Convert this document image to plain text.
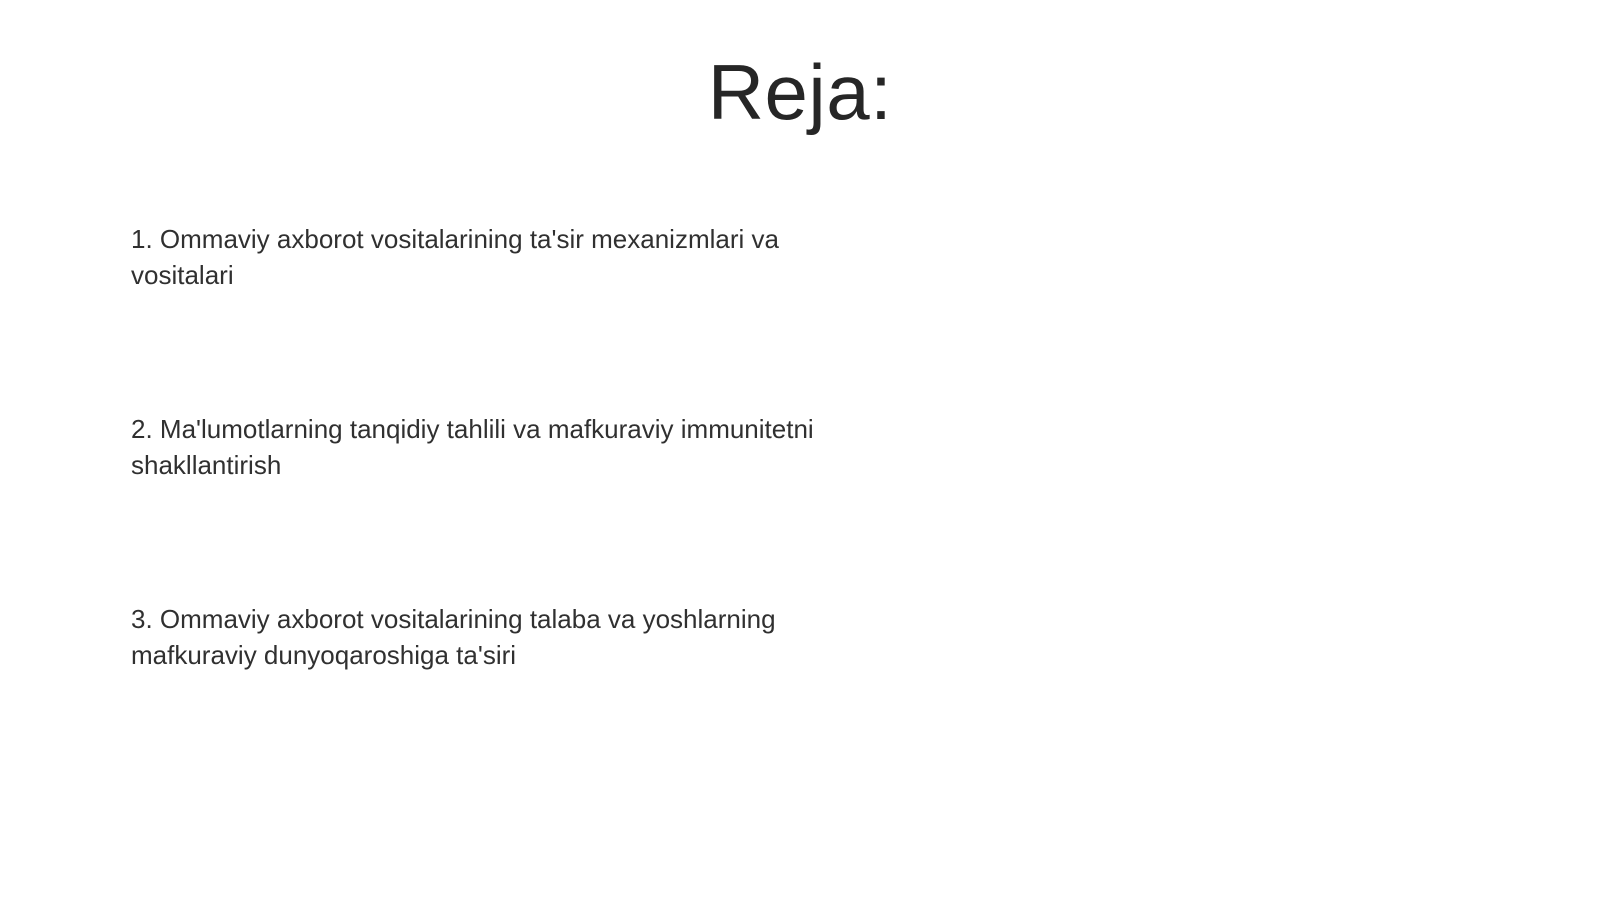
Reja:

1. Ommaviy axborot vositalarining ta'sir mexanizmlari va vositalari

2. Ma'lumotlarning tanqidiy tahlili va mafkuraviy immunitetni shakllantirish

3. Ommaviy axborot vositalarining talaba va yoshlarning mafkuraviy dunyoqaroshiga ta'siri
